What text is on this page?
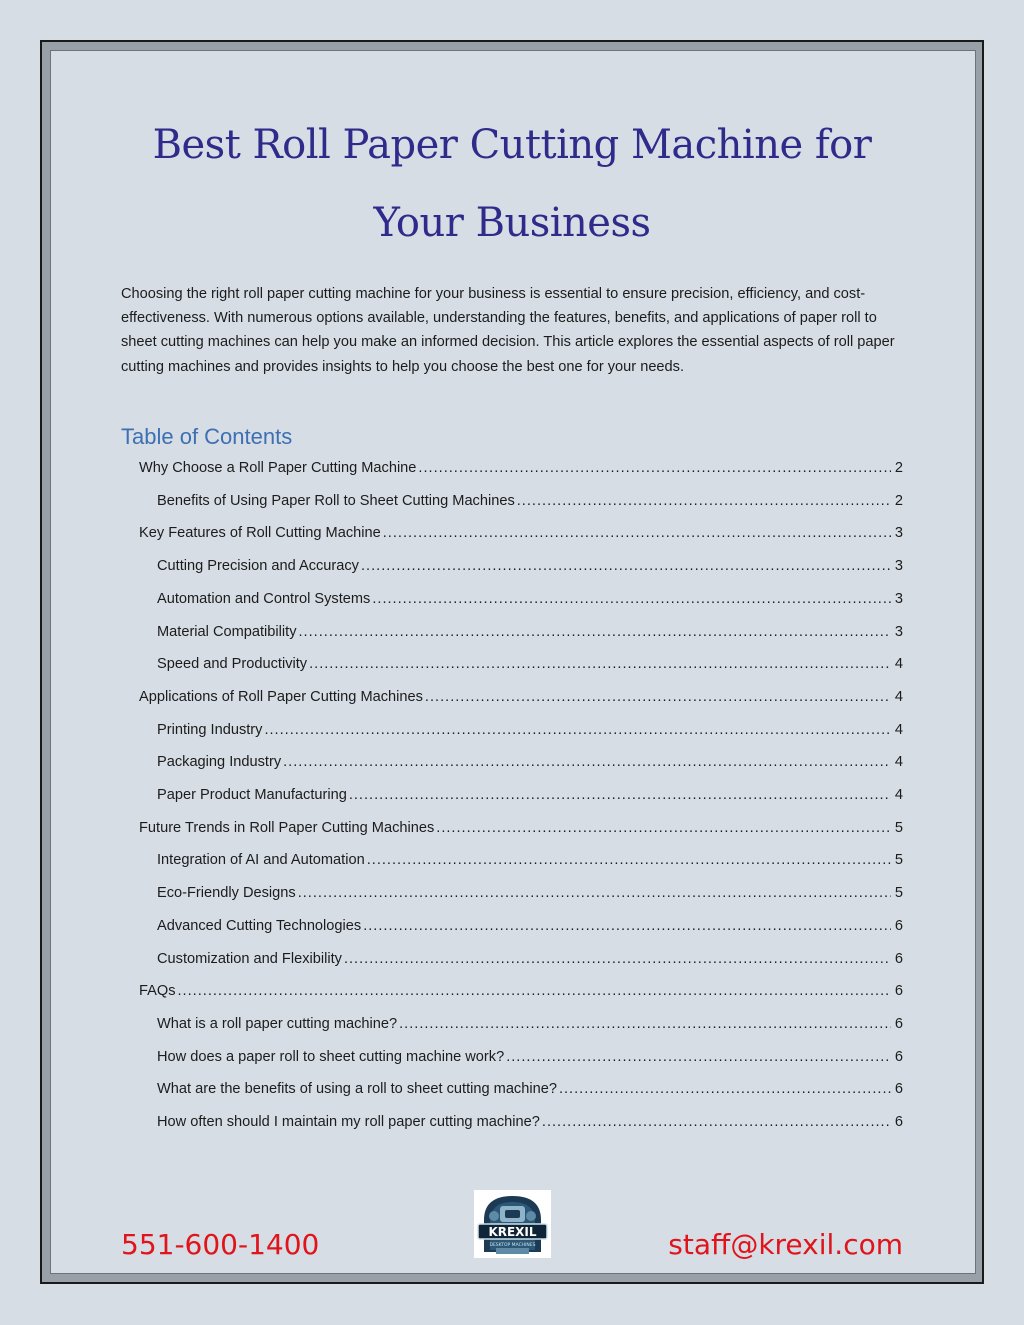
Best Roll Paper Cutting Machine for
Your Business

Choosing the right roll paper cutting machine for your business is essential to ensure precision, efficiency, and cost-effectiveness. With numerous options available, understanding the features, benefits, and applications of paper roll to sheet cutting machines can help you make an informed decision. This article explores the essential aspects of roll paper cutting machines and provides insights to help you choose the best one for your needs.

Table of Contents
Why Choose a Roll Paper Cutting Machine .....	2
Benefits of Using Paper Roll to Sheet Cutting Machines .....	2
Key Features of Roll Cutting Machine .....	3
Cutting Precision and Accuracy .....	3
Automation and Control Systems .....	3
Material Compatibility .....	3
Speed and Productivity .....	4
Applications of Roll Paper Cutting Machines .....	4
Printing Industry .....	4
Packaging Industry .....	4
Paper Product Manufacturing .....	4
Future Trends in Roll Paper Cutting Machines .....	5
Integration of AI and Automation .....	5
Eco-Friendly Designs .....	5
Advanced Cutting Technologies .....	6
Customization and Flexibility .....	6
FAQs .....	6
What is a roll paper cutting machine? .....	6
How does a paper roll to sheet cutting machine work? .....	6
What are the benefits of using a roll to sheet cutting machine? .....	6
How often should I maintain my roll paper cutting machine? .....	6
551-600-1400	KREXIL
DESKTOP MACHINES	staff@krexil.com
